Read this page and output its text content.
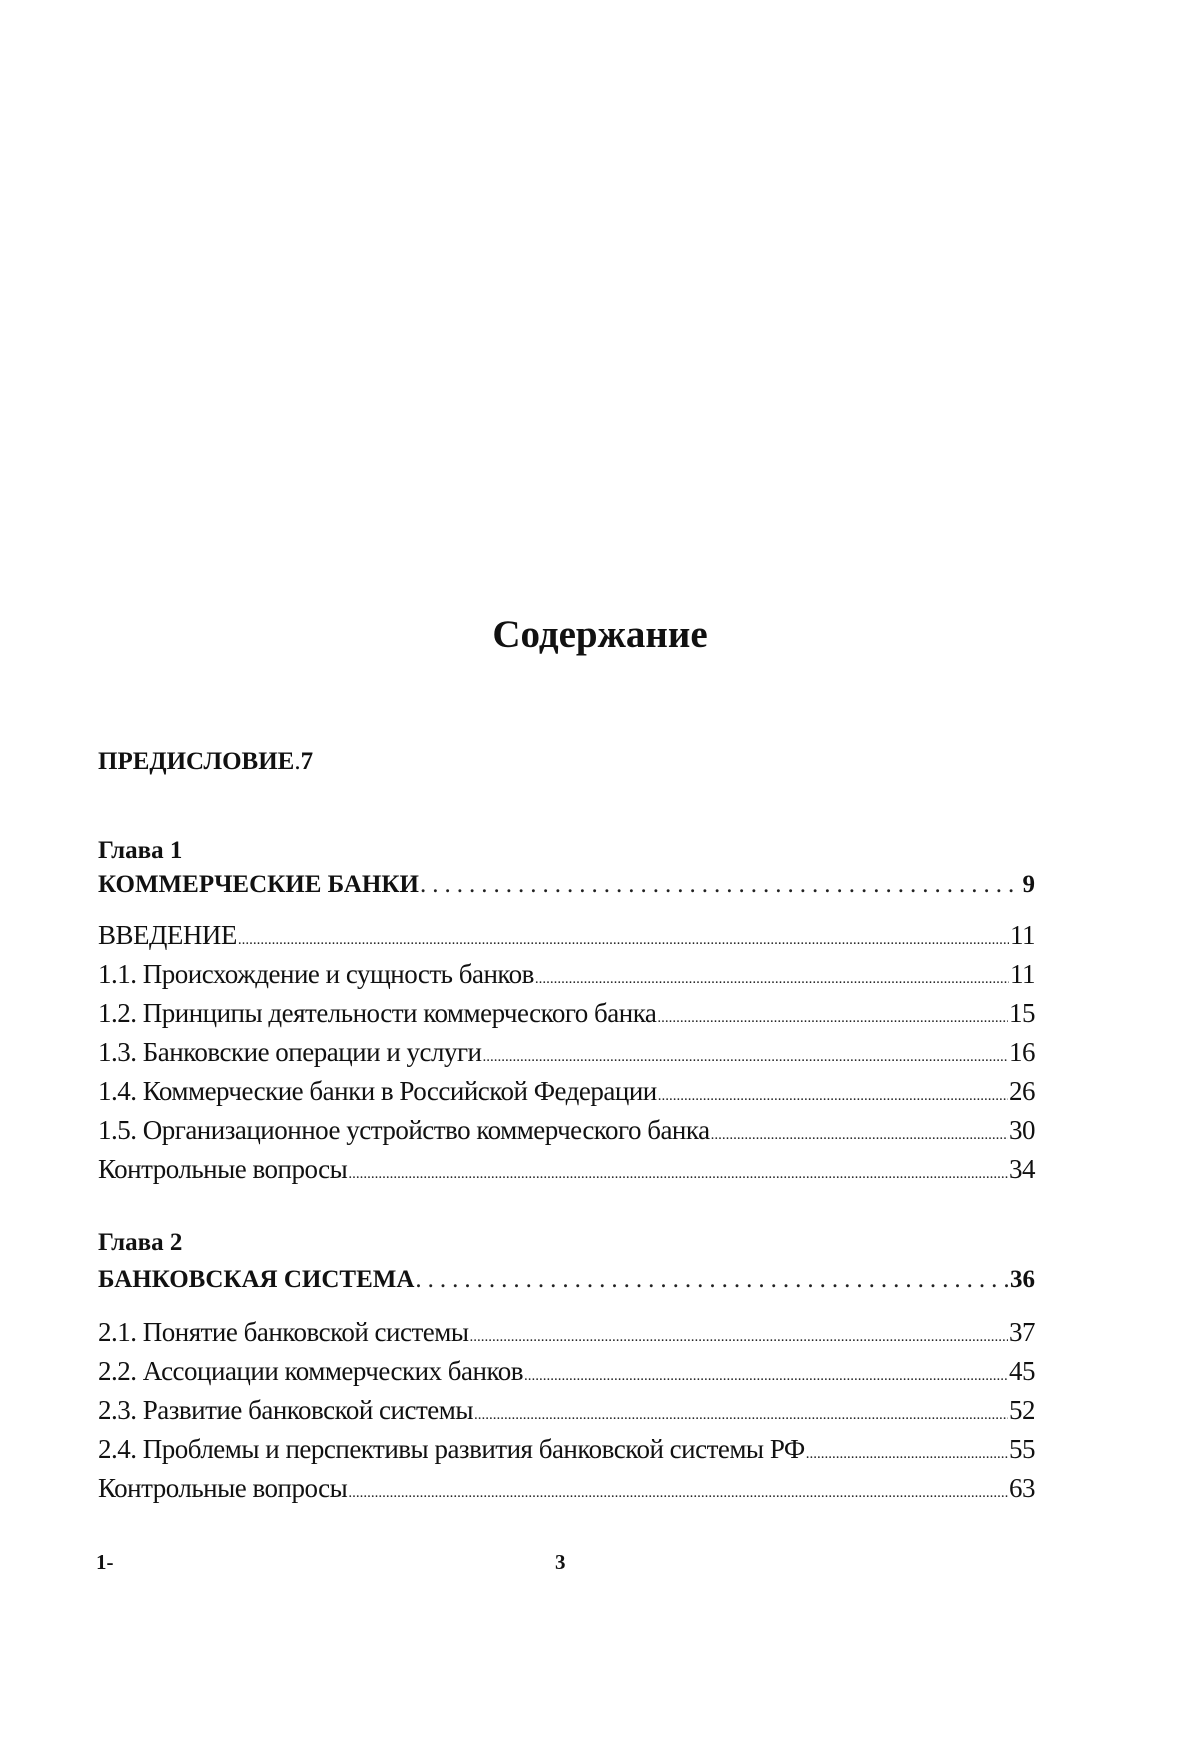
Содержание
ПРЕДИСЛОВИЕ.7
Глава 1
КОММЕРЧЕСКИЕ БАНКИ .....	9
ВВЕДЕНИЕ .....	11
1.1. Происхождение и сущность банков .....	11
1.2. Принципы деятельности коммерческого банка .....	15
1.3. Банковские операции и услуги .....	16
1.4. Коммерческие банки в Российской Федерации .....	26
1.5. Организационное устройство коммерческого банка .....	30
Контрольные вопросы .....	34
Глава 2
БАНКОВСКАЯ СИСТЕМА .....	36
2.1. Понятие банковской системы .....	37
2.2. Ассоциации коммерческих банков .....	45
2.3. Развитие банковской системы .....	52
2.4. Проблемы и перспективы развития банковской системы РФ .....	55
Контрольные вопросы .....	63
1-	3
